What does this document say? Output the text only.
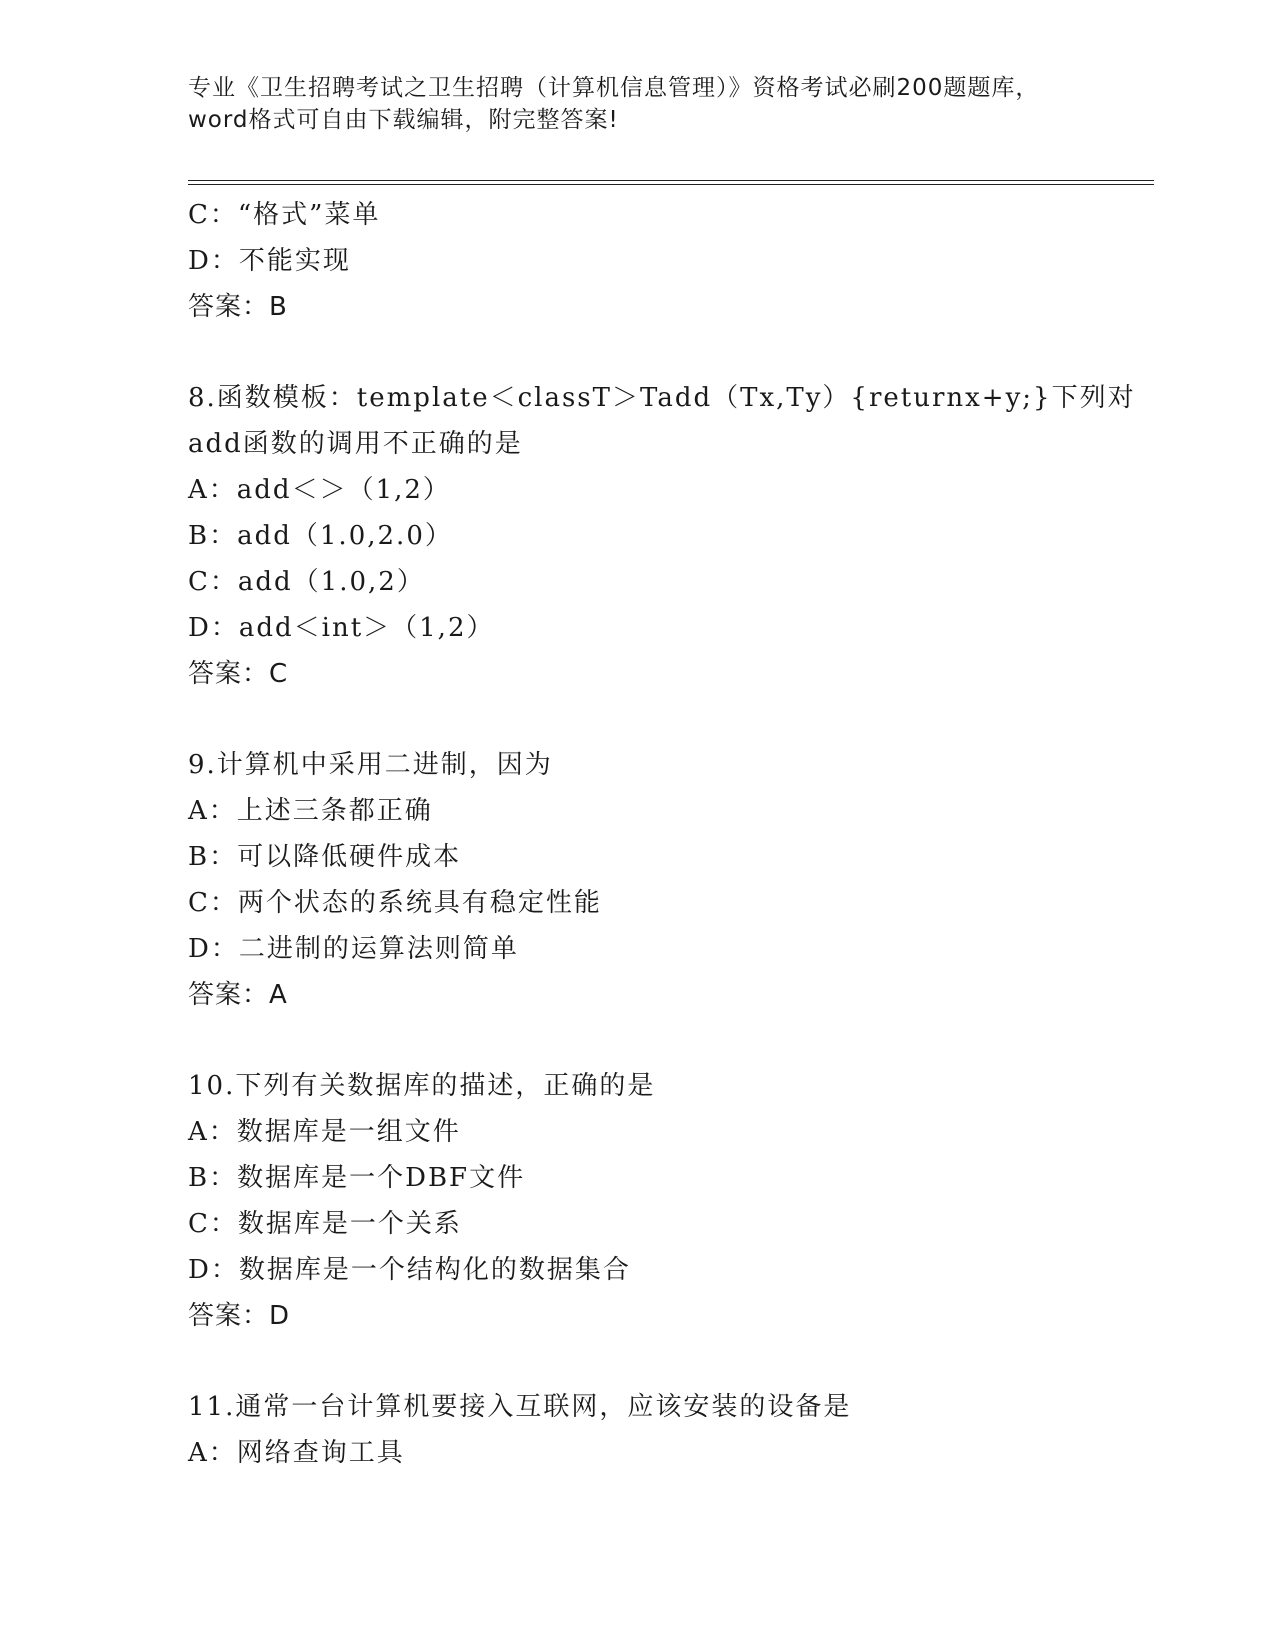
专业《卫生招聘考试之卫生招聘（计算机信息管理）》资格考试必刷200题题库，
word格式可自由下载编辑，附完整答案!
C：“格式”菜单
D：不能实现
答案：B
8.函数模板：template＜classT＞Tadd（Tx,Ty）{returnx+y;}下列对
add函数的调用不正确的是
A：add＜＞（1,2）
B：add（1.0,2.0）
C：add（1.0,2）
D：add＜int＞（1,2）
答案：C
9.计算机中采用二进制，因为
A：上述三条都正确
B：可以降低硬件成本
C：两个状态的系统具有稳定性能
D：二进制的运算法则简单
答案：A
10.下列有关数据库的描述，正确的是
A：数据库是一组文件
B：数据库是一个DBF文件
C：数据库是一个关系
D：数据库是一个结构化的数据集合
答案：D
11.通常一台计算机要接入互联网，应该安装的设备是
A：网络查询工具
